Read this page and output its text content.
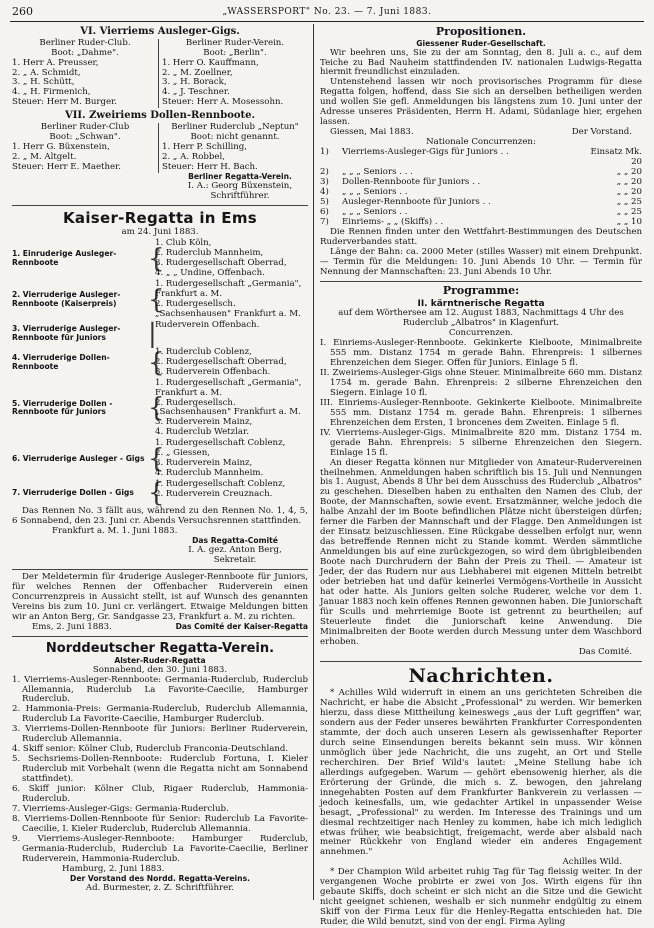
260	„WASSERSPORT" No. 23. — 7. Juni 1883.
VI. Vierriems Ausleger-Gigs.
Berliner Ruder-Club.
Boot: „Dahme".
1. Herr A. Preusser,
2. „ A. Schmidt,
3. „ H. Schütt,
4. „ H. Firmenich,
Steuer: Herr M. Burger.
Berliner Ruder-Verein.
Boot: „Berlin".
1. Herr O. Kauffmann,
2. „ M. Zoellner,
3. „ H. Borack,
4. „ J. Teschner.
Steuer: Herr A. Mosessohn.
VII. Zweiriems Dollen-Rennboote.
Berliner Ruder-Club
Boot: „Schwan".
1. Herr G. Büxenstein,
2. „ M. Altgelt.
Steuer: Herr E. Maether.
Berliner Ruderclub „Neptun"
Boot: nicht genannt.
1. Herr P. Schilling,
2. „ A. Robbel,
Steuer: Herr H. Bach.
Berliner Regatta-Verein.
I. A.: Georg Büxenstein,
Schriftführer.
Kaiser-Regatta in Ems
am 24. Juni 1883.
1. Einruderige Ausleger-Rennboote	{
1. Club Köln,
2. Ruderclub Mannheim,
3. Rudergesellschaft Oberrad,
4. „ „ Undine, Offenbach.
2. Vierruderige Ausleger-Rennboote (Kaiserpreis)	{
1. Rudergesellschaft „Germania", Frankfurt a. M.
2. Rudergesellsch. „Sachsenhausen" Frankfurt a. M.
3. Vierruderige Ausleger-Rennboote für Juniors	|
Ruderverein Offenbach.
4. Vierruderige Dollen-Rennboote	{
1. Ruderclub Coblenz,
2. Rudergesellschaft Oberrad,
3. Ruderverein Offenbach.
5. Vierruderige Dollen - Rennboote für Juniors	{
1. Rudergesellschaft „Germania", Frankfurt a. M.
2. Rudergesellsch. „Sachsenhausen" Frankfurt a. M.
3. Ruderverein Mainz,
4. Ruderclub Wetzlar.
6. Vierruderige Ausleger - Gigs {
1. Rudergesellschaft Coblenz,
2. „ Giessen,
3. Ruderverein Mainz,
4. Ruderclub Mannheim.
7. Vierruderige Dollen - Gigs {
1. Rudergesellschaft Coblenz,
2. Ruderverein Creuznach.

Das Rennen No. 3 fällt aus, während zu den Rennen No. 1, 4, 5, 6 Sonnabend, den 23. Juni cr. Abends Versuchsrennen stattfinden.

Frankfurt a. M. 1. Juni 1883.
Das Regatta-Comité
I. A. gez. Anton Berg,
Sekretair.

Der Meldetermin für 4ruderige Ausleger-Rennboote für Juniors, für welches Rennen der Offenbacher Ruderverein einen Concurrenzpreis in Aussicht stellt, ist auf Wunsch des genannten Vereins bis zum 10. Juni cr. verlängert. Etwaige Meldungen bitten wir an Anton Berg, Gr. Sandgasse 23, Frankfurt a. M. zu richten.

Ems, 2. Juni 1883.	Das Comité der Kaiser-Regatta
Norddeutscher Regatta-Verein.
Alster-Ruder-Regatta
Sonnabend, den 30. Juni 1883.
1. Vierriems-Ausleger-Rennboote: Germania-Ruderclub, Ruderclub Allemannia, Ruderclub La Favorite-Caecilie, Hamburger Ruderclub.
2. Hammonia-Preis: Germania-Ruderclub, Ruderclub Allemannia, Ruderclub La Favorite-Caecilie, Hamburger Ruderclub.
3. Vierriems-Dollen-Rennboote für Juniors: Berliner Ruderverein, Ruderclub Allemannia.
4. Skiff senior: Kölner Club, Ruderclub Franconia-Deutschland.
5. Sechsriems-Dollen-Rennboote: Ruderclub Fortuna, I. Kieler Ruderclub mit Vorbehalt (wenn die Regatta nicht am Sonnabend stattfindet).
6. Skiff junior: Kölner Club, Rigaer Ruderclub, Hammonia-Ruderclub.
7. Vierriems-Ausleger-Gigs: Germania-Ruderclub.
8. Vierriems-Dollen-Rennboote für Senior: Ruderclub La Favorite-Caecilie, I. Kieler Ruderclub, Ruderclub Allemannia.
9. Vierriems-Ausleger-Rennboote: Hamburger Ruderclub, Germania-Ruderclub, Ruderclub La Favorite-Caecilie, Berliner Ruderverein, Hammonia-Ruderclub.
Hamburg, 2. Juni 1883.
Der Vorstand des Nordd. Regatta-Vereins.
Ad. Burmester, z. Z. Schriftführer.
Propositionen.
Giessener Ruder-Gesellschaft.

Wir beehren uns, Sie zu der am Sonntag, den 8. Juli a. c., auf dem Teiche zu Bad Nauheim stattfindenden IV. nationalen Ludwigs-Regatta hiermit freundlichst einzuladen.

Untenstehend lassen wir noch provisorisches Programm für diese Regatta folgen, hoffend, dass Sie sich an derselben betheiligen werden und wollen Sie gefl. Anmeldungen bis längstens zum 10. Juni unter der Adresse unseres Präsidenten, Herrn H. Adami, Südanlage hier, ergehen lassen.

Giessen, Mai 1883.	Der Vorstand.
Nationale Concurrenzen:
1)	Vierriems-Ausleger-Gigs für Juniors . .	Einsatz Mk. 20
2)	„ „ „ Seniors . . .	„ „ 20
3)	Dollen-Rennboote für Juniors . .	„ „ 20
4)	„ „ „ Seniors . .	„ „ 20
5)	Ausleger-Rennboote für Juniors . .	„ „ 25
6)	„ „ „ Seniors . .	„ „ 25
7)	Einriems- „ „ (Skiffs) . .	„ „ 10

Die Rennen finden unter den Wettfahrt-Bestimmungen des Deutschen Ruderverbandes statt.

Länge der Bahn: ca. 2000 Meter (stilles Wasser) mit einem Drehpunkt. — Termin für die Meldungen: 10. Juni Abends 10 Uhr. — Termin für Nennung der Mannschaften: 23. Juni Abends 10 Uhr.

Programme:
II. kärntnerische Regatta

auf dem Wörthersee am 12. August 1883, Nachmittags 4 Uhr des Ruderclub „Albatros" in Klagenfurt.

Concurrenzen.
I. Einriems-Ausleger-Rennboote. Gekinkerte Kielboote, Minimalbreite 555 mm. Distanz 1754 m gerade Bahn. Ehrenpreis: 1 silbernes Ehrenzeichen dem Sieger. Offen für Juniors. Einlage 5 fl.
II. Zweiriems-Ausleger-Gigs ohne Steuer. Minimalbreite 660 mm. Distanz 1754 m. gerade Bahn. Ehrenpreis: 2 silberne Ehrenzeichen den Siegern. Einlage 10 fl.
III. Einriems-Ausleger-Rennboote. Gekinkerte Kielboote. Minimalbreite 555 mm. Distanz 1754 m. gerade Bahn. Ehrenpreis: 1 silbernes Ehrenzeichen dem Ersten, 1 broncenes dem Zweiten. Einlage 5 fl.
IV. Vierriems-Ausleger-Gigs. Minimalbreite 820 mm. Distanz 1754 m. gerade Bahn. Ehrenpreis: 5 silberne Ehrenzeichen den Siegern. Einlage 15 fl.

An dieser Regatta können nur Mitglieder von Amateur-Rudervereinen theilnehmen. Anmeldungen haben schriftlich bis 15. Juli und Nennungen bis 1. August, Abends 8 Uhr bei dem Ausschuss des Ruderclub „Albatros" zu geschehen. Dieselben haben zu enthalten den Namen des Club, der Boote, der Mannschaften, sowie event. Ersatzmänner, welche jedoch die halbe Anzahl der im Boote befindlichen Plätze nicht übersteigen dürfen; ferner die Farben der Mannschaft und der Flagge. Den Anmeldungen ist der Einsatz beizuschliessen. Eine Rückgabe desselben erfolgt nur, wenn das betreffende Rennen nicht zu Stande kommt. Werden sämmtliche Anmeldungen bis auf eine zurückgezogen, so wird dem übrigbleibenden Boote nach Durchrudern der Bahn der Preis zu Theil. — Amateur ist Jeder, der das Rudern nur aus Liebhaberei mit eigenen Mitteln betreibt oder betrieben hat und dafür keinerlei Vermögens-Vortheile in Aussicht hat oder hatte. Als Juniors gelten solche Ruderer, welche vor dem 1. Januar 1883 noch kein offenes Rennen gewonnen haben. Die Juniorschaft für Sculls und mehrriemige Boote ist getrennt zu beurtheilen; auf Steuerleute findet die Juniorschaft keine Anwendung. Die Minimalbreiten der Boote werden durch Messung unter dem Waschbord erhoben.

Das Comité.
Nachrichten.

* Achilles Wild widerruft in einem an uns gerichteten Schreiben die Nachricht, er habe die Absicht „Professional" zu werden. Wir bemerken hierzu, dass diese Mittheilung keineswegs „aus der Luft gegriffen" war, sondern aus der Feder unseres bewährten Frankfurter Correspondenten stammte, der doch auch unseren Lesern als gewissenhafter Reporter durch seine Einsendungen bereits bekannt sein muss. Wir können unmöglich über jede Nachricht, die uns zugeht, an Ort und Stelle recherchiren. Der Brief Wild's lautet: „Meine Stellung habe ich allerdings aufgegeben. Warum — gehört ebensowenig hierher, als die Erörterung der Gründe, die mich s. Z. bewogen, den jahrelang innegehabten Posten auf dem Frankfurter Bankverein zu verlassen — jedoch keinesfalls, um, wie gedachter Artikel in unpassender Weise besagt, „Professional" zu werden. Im Interesse des Trainings und um diesmal rechtzeitiger nach Henley zu kommen, habe ich mich lediglich etwas früher, wie beabsichtigt, freigemacht, werde aber alsbald nach meiner Rückkehr von England wieder ein anderes Engagement annehmen."

Achilles Wild.

* Der Champion Wild arbeitet ruhig Tag für Tag fleissig weiter. In der vergangenen Woche probirte er zwei von Jos. Wirth eigens für ihn gebaute Skiffs, doch scheint er sich nicht an die Sitze und die Gewicht nicht geeignet schienen, weshalb er sich nunmehr endgültig zu einem Skiff von der Firma Leux für die Henley-Regatta entschieden hat. Die Ruder, die Wild benutzt, sind von der engl. Firma Ayling
